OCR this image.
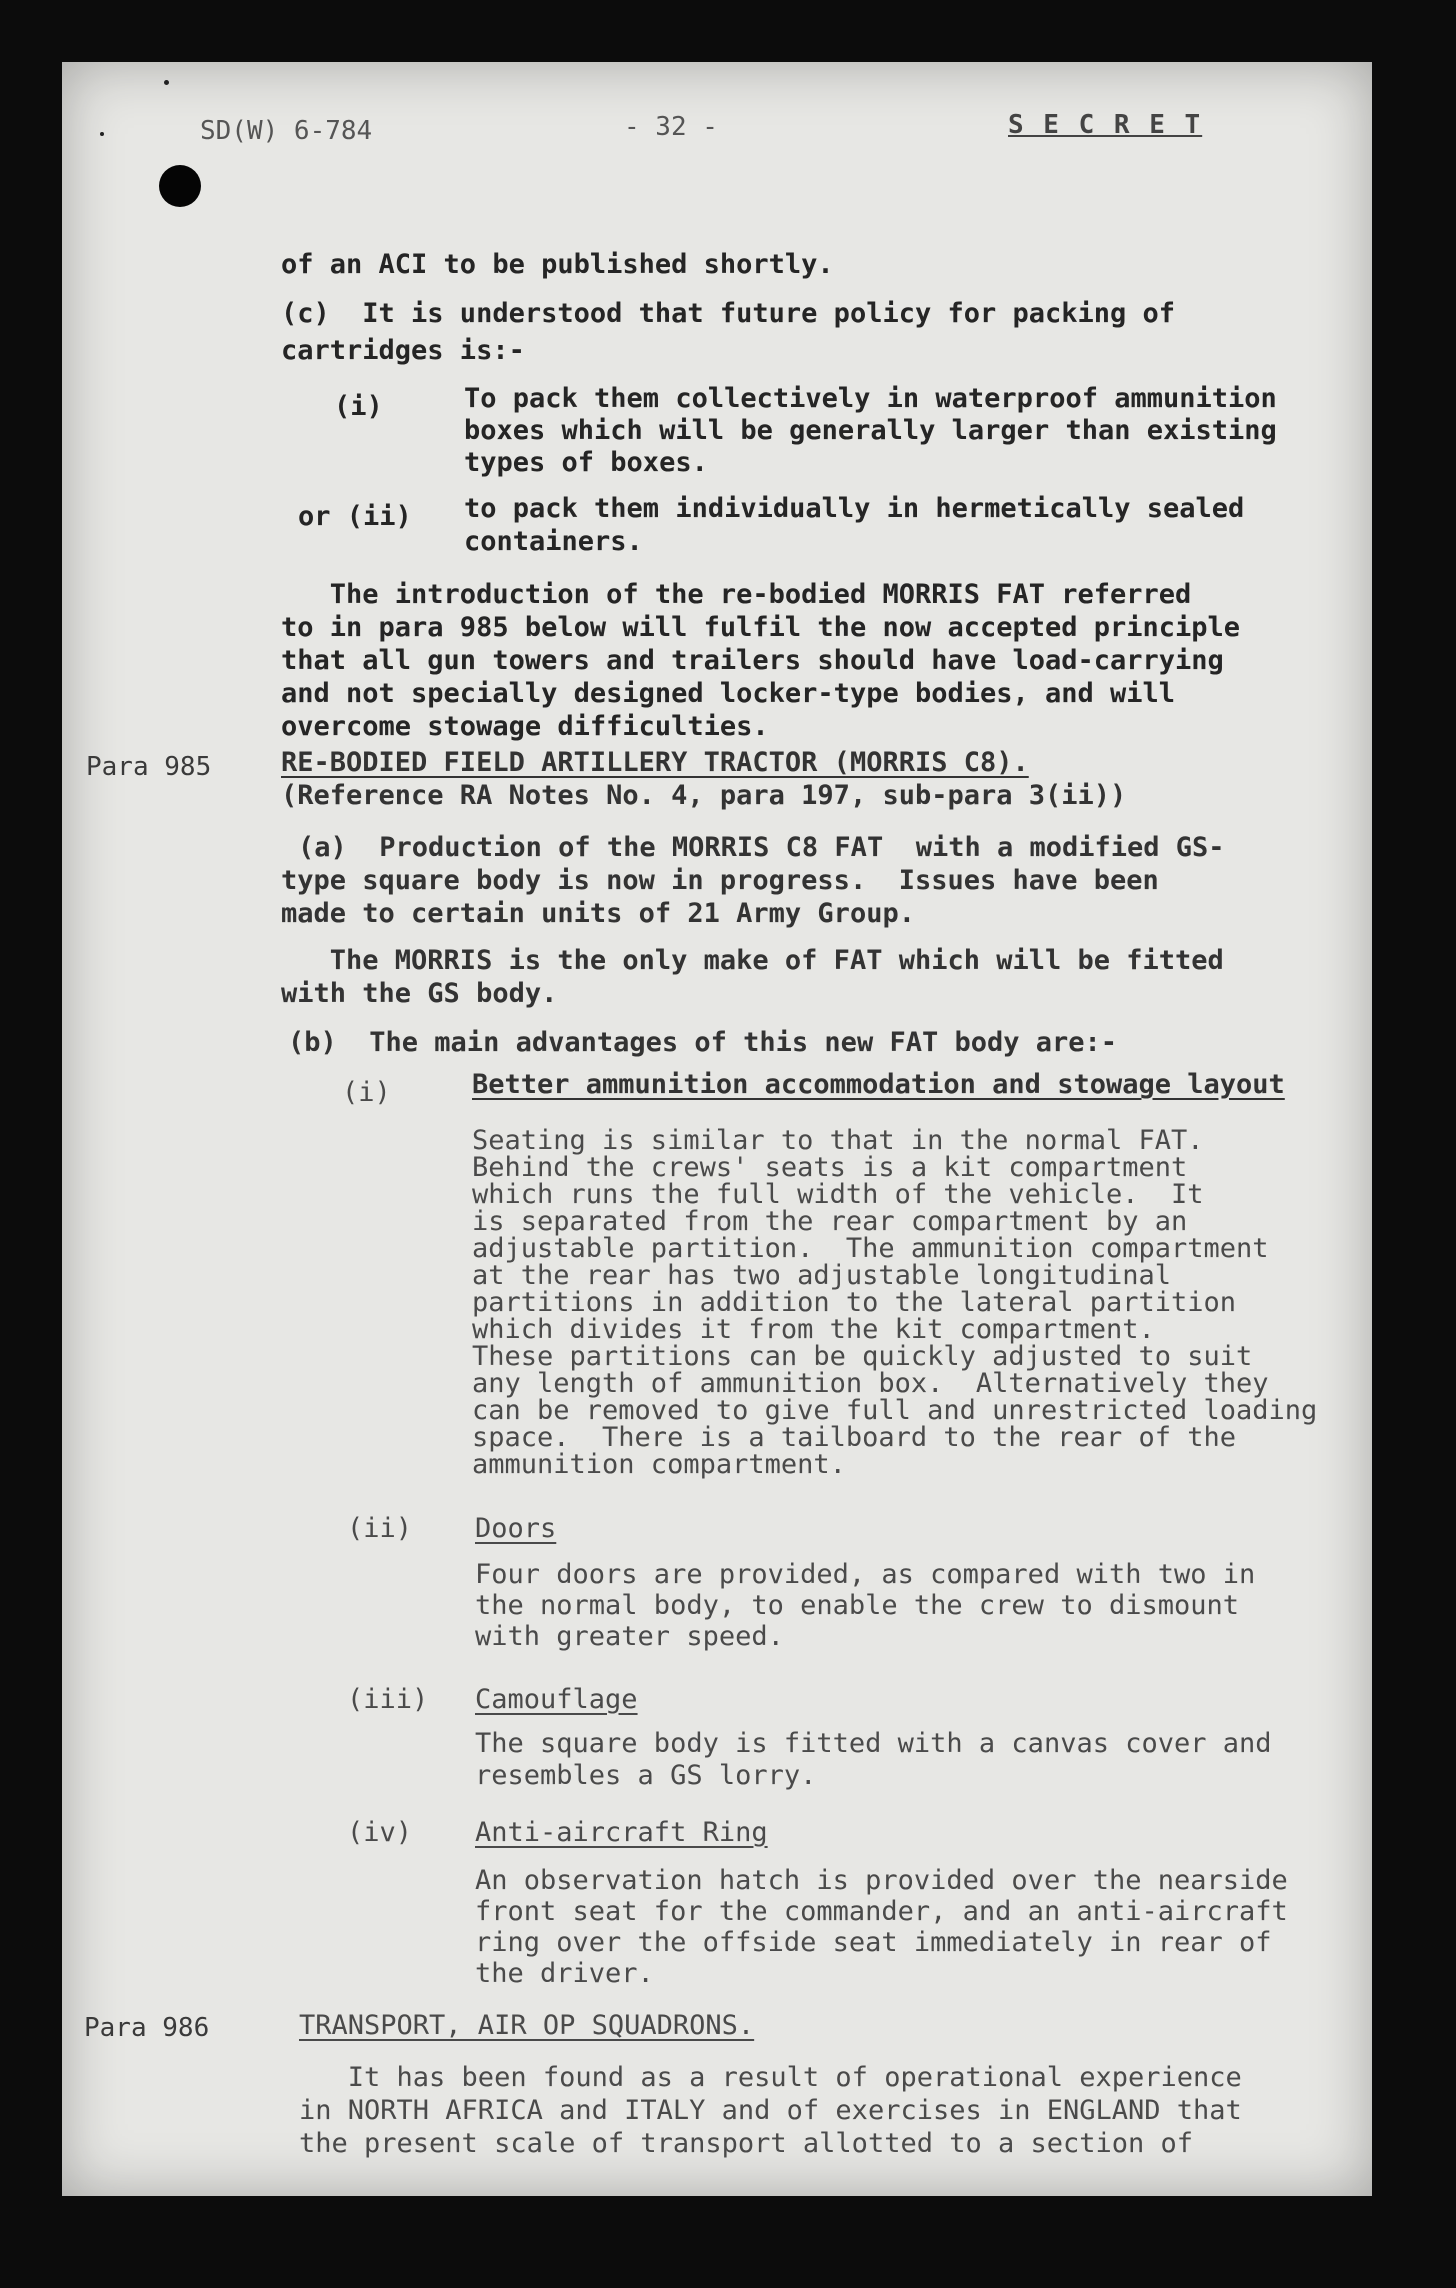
SD(W) 6-784	- 32 -	S E C R E T
of an ACI to be published shortly.
(c)  It is understood that future policy for packing of
cartridges is:-
(i)	To pack them collectively in waterproof ammunition
boxes which will be generally larger than existing
types of boxes.
or (ii) to pack them individually in hermetically sealed
containers.
The introduction of the re-bodied MORRIS FAT referred
to in para 985 below will fulfil the now accepted principle
that all gun towers and trailers should have load-carrying
and not specially designed locker-type bodies, and will
overcome stowage difficulties.
Para 985	RE-BODIED FIELD ARTILLERY TRACTOR (MORRIS C8).
(Reference RA Notes No. 4, para 197, sub-para 3(ii))
(a)  Production of the MORRIS C8 FAT  with a modified GS-
type square body is now in progress.  Issues have been
made to certain units of 21 Army Group.
The MORRIS is the only make of FAT which will be fitted
with the GS body.
(b)  The main advantages of this new FAT body are:-
(i)	Better ammunition accommodation and stowage layout
Seating is similar to that in the normal FAT.
Behind the crews' seats is a kit compartment
which runs the full width of the vehicle.  It
is separated from the rear compartment by an
adjustable partition.  The ammunition compartment
at the rear has two adjustable longitudinal
partitions in addition to the lateral partition
which divides it from the kit compartment.
These partitions can be quickly adjusted to suit
any length of ammunition box.  Alternatively they
can be removed to give full and unrestricted loading
space.  There is a tailboard to the rear of the
ammunition compartment.
(ii) Doors
Four doors are provided, as compared with two in
the normal body, to enable the crew to dismount
with greater speed.
(iii) Camouflage
The square body is fitted with a canvas cover and
resembles a GS lorry.
(iv) Anti-aircraft Ring
An observation hatch is provided over the nearside
front seat for the commander, and an anti-aircraft
ring over the offside seat immediately in rear of
the driver.
Para 986	TRANSPORT, AIR OP SQUADRONS.
It has been found as a result of operational experience
in NORTH AFRICA and ITALY and of exercises in ENGLAND that
the present scale of transport allotted to a section of
